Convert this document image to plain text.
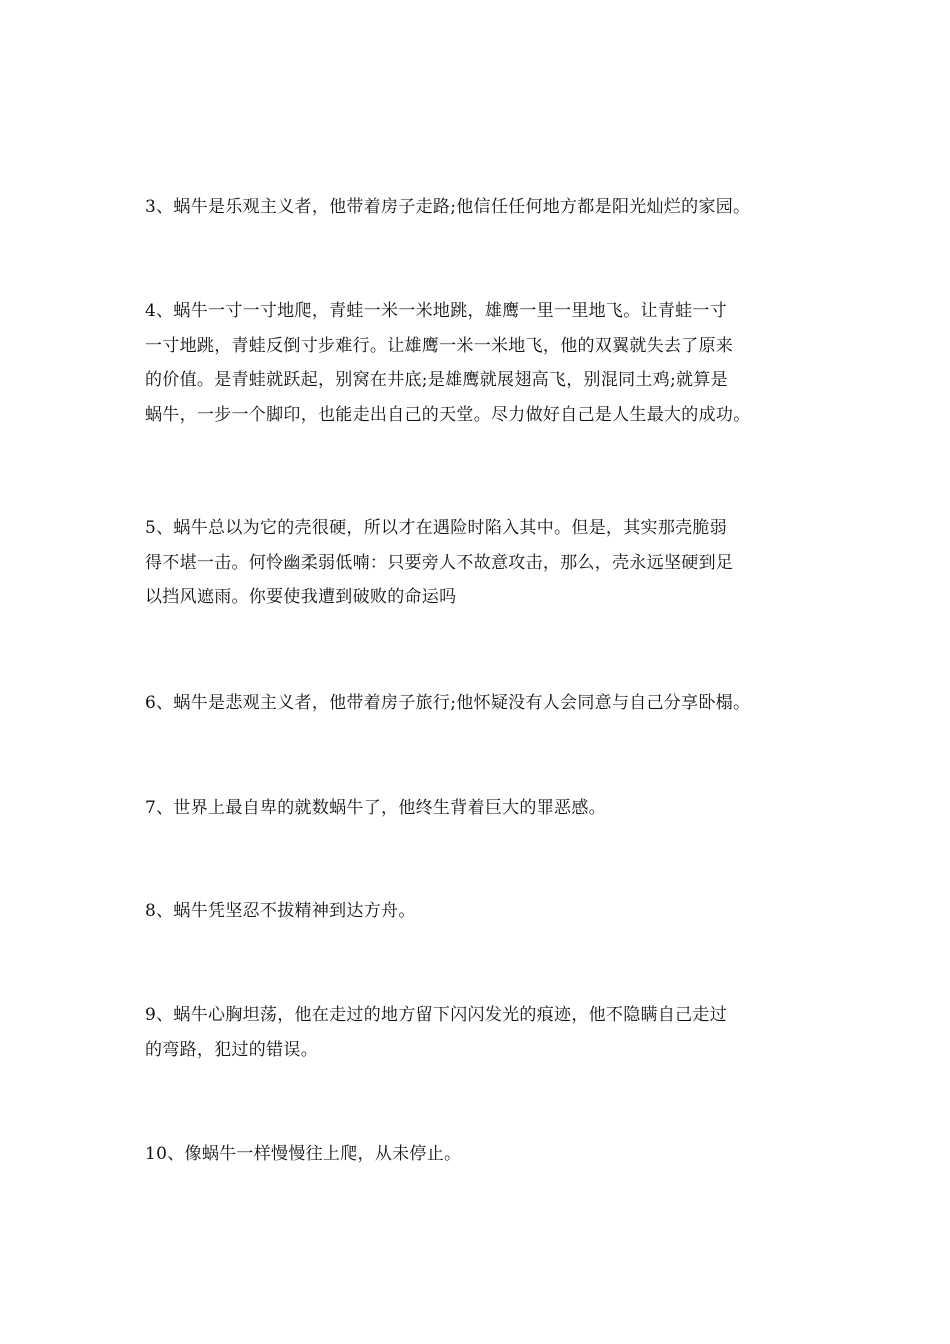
3、蜗牛是乐观主义者，他带着房子走路;他信任任何地方都是阳光灿烂的家园。
4、蜗牛一寸一寸地爬，青蛙一米一米地跳，雄鹰一里一里地飞。让青蛙一寸
一寸地跳，青蛙反倒寸步难行。让雄鹰一米一米地飞，他的双翼就失去了原来
的价值。是青蛙就跃起，别窝在井底;是雄鹰就展翅高飞，别混同土鸡;就算是
蜗牛，一步一个脚印，也能走出自己的天堂。尽力做好自己是人生最大的成功。
5、蜗牛总以为它的壳很硬，所以才在遇险时陷入其中。但是，其实那壳脆弱
得不堪一击。何怜幽柔弱低喃：只要旁人不故意攻击，那么，壳永远坚硬到足
以挡风遮雨。你要使我遭到破败的命运吗
6、蜗牛是悲观主义者，他带着房子旅行;他怀疑没有人会同意与自己分享卧榻。
7、世界上最自卑的就数蜗牛了，他终生背着巨大的罪恶感。
8、蜗牛凭坚忍不拔精神到达方舟。
9、蜗牛心胸坦荡，他在走过的地方留下闪闪发光的痕迹，他不隐瞒自己走过
的弯路，犯过的错误。
10、像蜗牛一样慢慢往上爬，从未停止。
